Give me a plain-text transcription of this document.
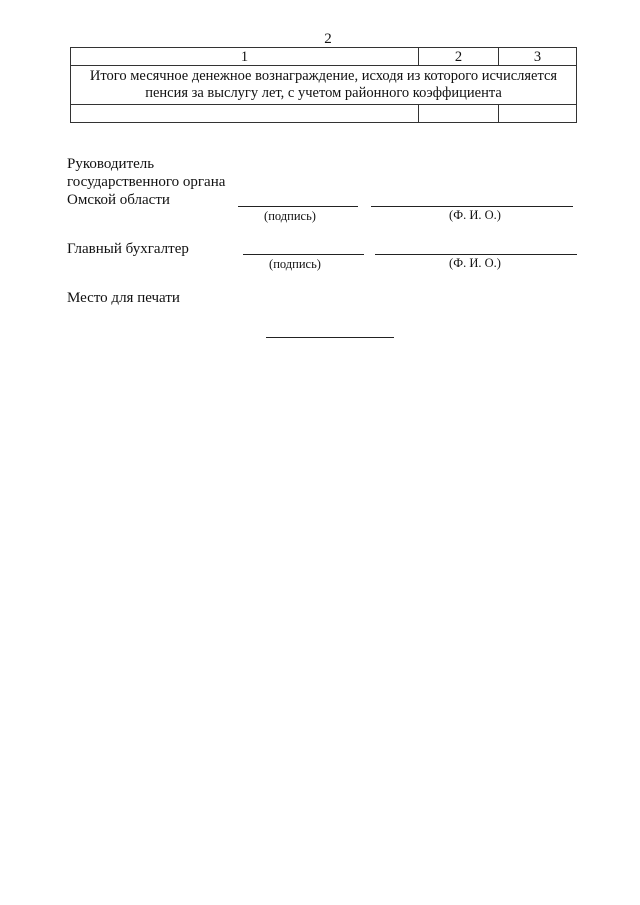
2
1	2	3
Итого месячное денежное вознаграждение, исходя из которого исчисляется пенсия за выслугу лет, с учетом районного коэффициента		

Руководитель
государственного органа
Омской области
(подпись)	(Ф. И. О.)
Главный бухгалтер
(подпись)	(Ф. И. О.)
Место для печати
